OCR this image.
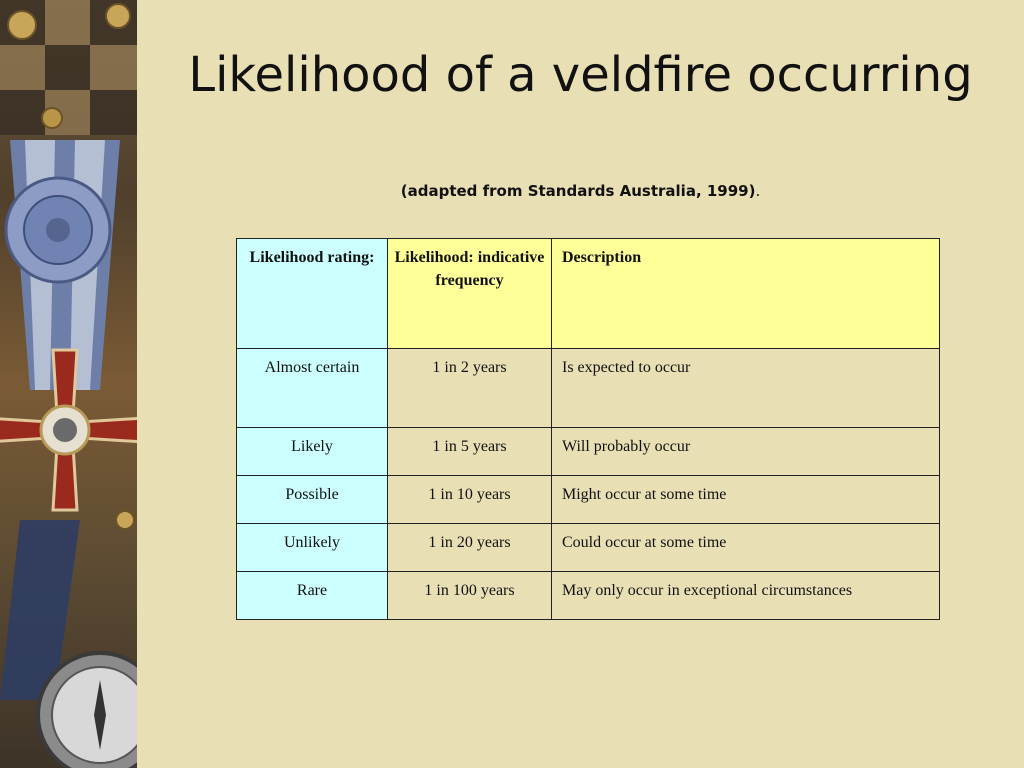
Likelihood of a veldfire occurring
(adapted from Standards Australia, 1999).
Likelihood rating:	Likelihood: indicative frequency	Description
Almost certain	1 in 2 years	Is expected to occur
Likely	1 in 5 years	Will probably occur
Possible	1 in 10 years	Might occur at some time
Unlikely	1 in 20 years	Could occur at some time
Rare	1 in 100 years	May only occur in exceptional circumstances
